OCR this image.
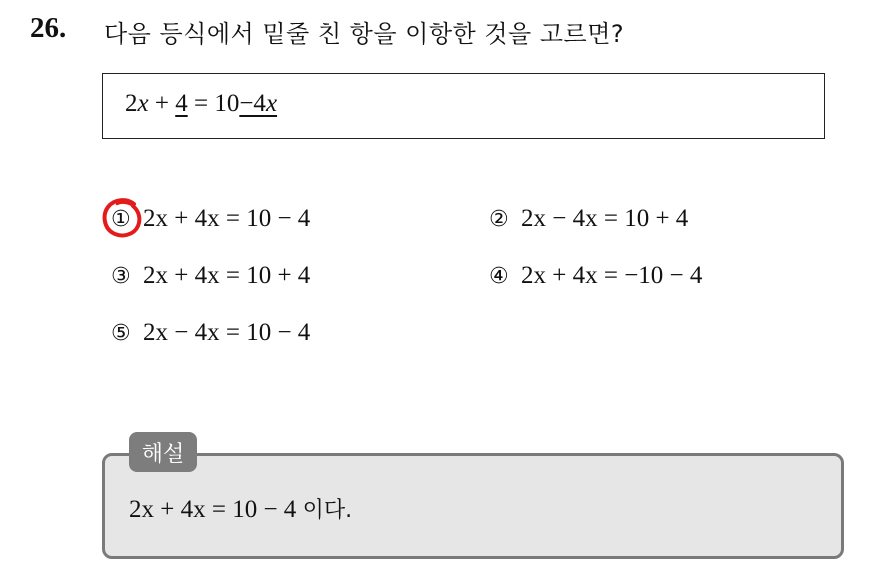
26. 다음 등식에서 밑줄 친 항을 이항한 것을 고르면?
2x + 4 = 10−4x
① 2x + 4x = 10 − 4	② 2x − 4x = 10 + 4
③ 2x + 4x = 10 + 4	④ 2x + 4x = −10 − 4
⑤ 2x − 4x = 10 − 4
2x + 4x = 10 − 4 이다.
해설
